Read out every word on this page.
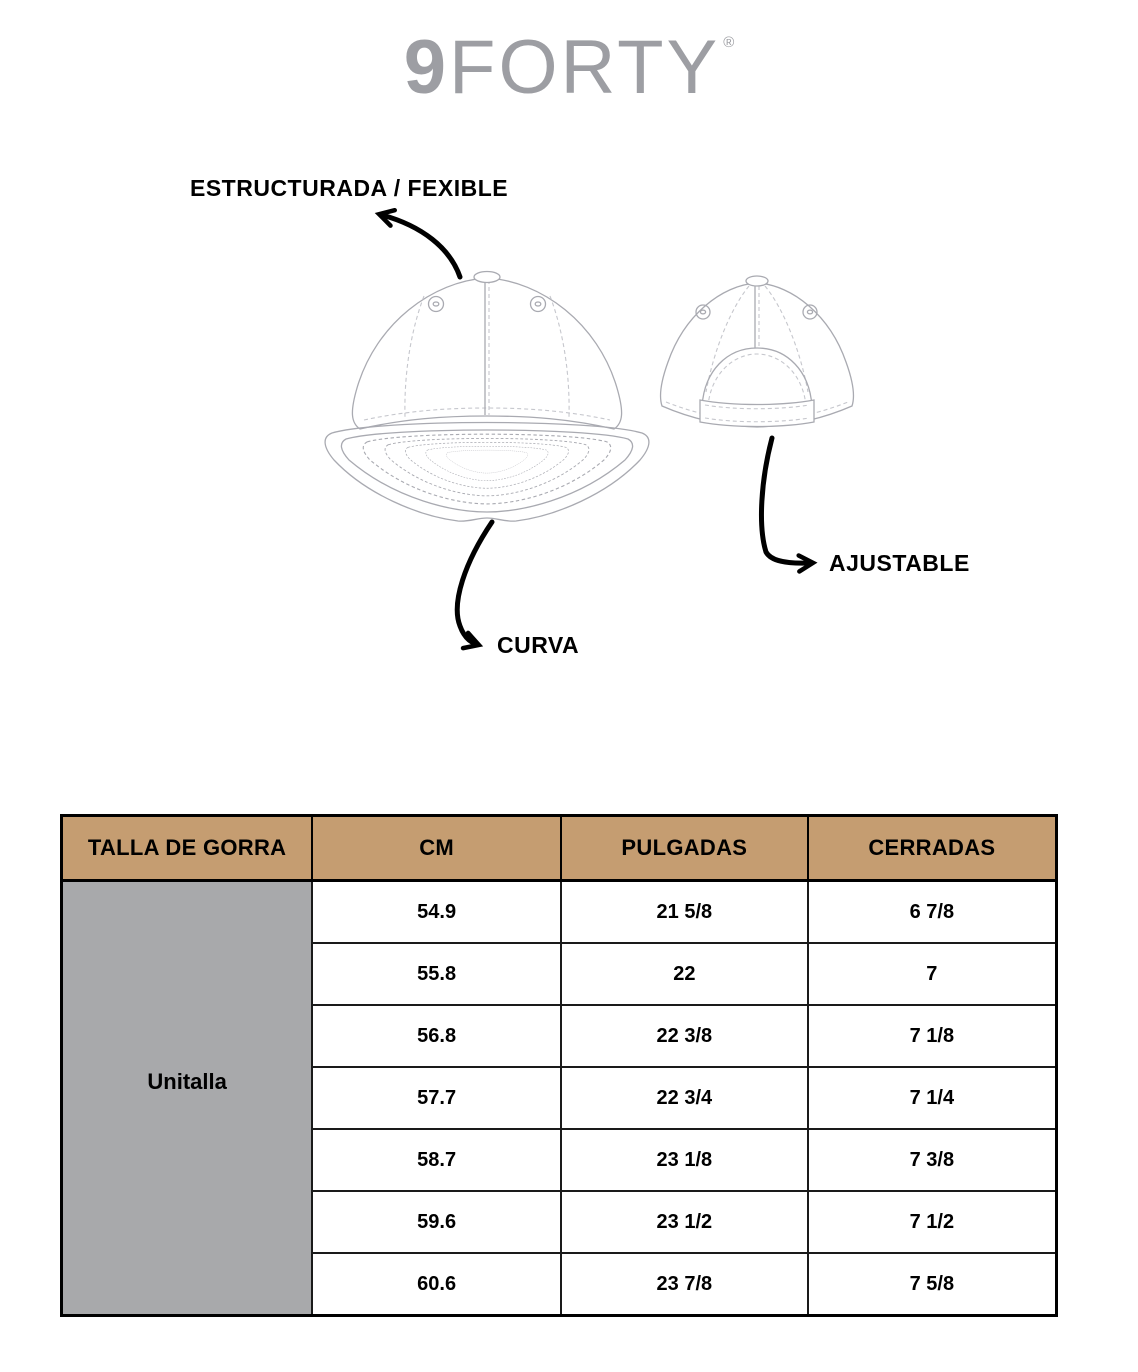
9FORTY ®
ESTRUCTURADA / FEXIBLE
AJUSTABLE
CURVA
TALLA DE GORRA	CM	PULGADAS	CERRADAS
Unitalla	54.9	21 5/8	6 7/8
	55.8	22	7
	56.8	22 3/8	7 1/8
	57.7	22 3/4	7 1/4
	58.7	23 1/8	7 3/8
	59.6	23 1/2	7 1/2
	60.6	23 7/8	7 5/8
